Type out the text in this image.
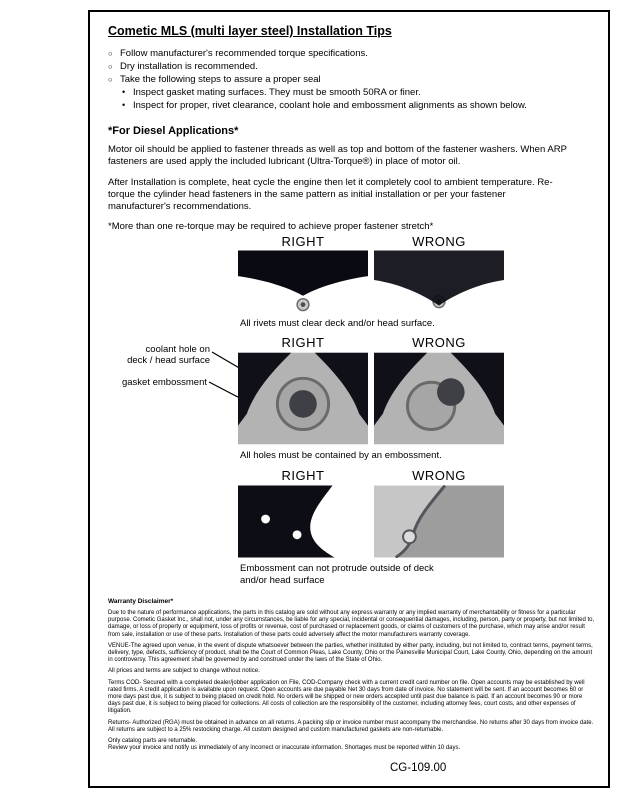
Cometic MLS (multi layer steel) Installation Tips
○ Follow manufacturer's recommended torque specifications.
○ Dry installation is recommended.
○ Take the following steps to assure a proper seal
• Inspect gasket mating surfaces. They must be smooth 50RA or finer.
• Inspect for proper, rivet clearance, coolant hole and embossment alignments as shown below.
*For Diesel Applications*
Motor oil should be applied to fastener threads as well as top and bottom of the fastener washers. When ARP fasteners are used apply the included lubricant (Ultra-Torque®) in place of motor oil.
After Installation is complete, heat cycle the engine then let it completely cool to ambient temperature. Re-torque the cylinder head fasteners in the same pattern as initial installation or per your fastener manufacturer's recommendations.
*More than one re-torque may be required to achieve proper fastener stretch*
RIGHT	WRONG
All rivets must clear deck and/or head surface.
coolant hole on
deck / head surface
gasket embossment
RIGHT	WRONG
All holes must be contained by an embossment.
RIGHT	WRONG
Embossment can not protrude outside of deck and/or head surface
Warranty Disclaimer*
Due to the nature of performance applications, the parts in this catalog are sold without any express warranty or any implied warranty of merchantability or fitness for a particular purpose. Cometic Gasket Inc., shall not, under any circumstances, be liable for any special, incidental or consequential damages, including, person, party or property, but not limited to, damage, or loss of property or equipment, loss of profits or revenue, cost of purchased or replacement goods, or claims of customers of the purchase, which may arise and/or result from sale, installation or use of these parts. Installation of these parts could adversely affect the motor manufacturers warranty coverage.
VENUE-The agreed upon venue, in the event of dispute whatsoever between the parties, whether instituted by either party, including, but not limited to, contract terms, payment terms, delivery, type, defects, sufficiency of product, shall be the Court of Common Pleas, Lake County, Ohio or the Painesville Municipal Court, Lake County, Ohio, depending on the amount in controversy. This agreement shall be governed by and construed under the laws of the State of Ohio.
All prices and terms are subject to change without notice.
Terms COD- Secured with a completed dealer/jobber application on File, COD-Company check with a current credit card number on file. Open accounts may be established by well rated firms. A credit application is available upon request. Open accounts are due payable Net 30 days from date of invoice. No statement will be sent. If an account becomes 60 or more days past due, it is subject to being placed on credit hold. No orders will be shipped or new orders accepted until past due balance is paid. If an account becomes 90 or more days past due, it is subject to being placed for collections. All costs of collection are the responsibility of the customer, including attorney fees, court costs, and other expenses of litigation.
Returns- Authorized (RGA) must be obtained in advance on all returns. A packing slip or invoice number must accompany the merchandise. No returns after 30 days from invoice date. All returns are subject to a 25% restocking charge. All custom designed and custom manufactured gaskets are non-returnable.
Only catalog parts are returnable.
Review your invoice and notify us immediately of any incorrect or inaccurate information. Shortages must be reported within 10 days.
CG-109.00
